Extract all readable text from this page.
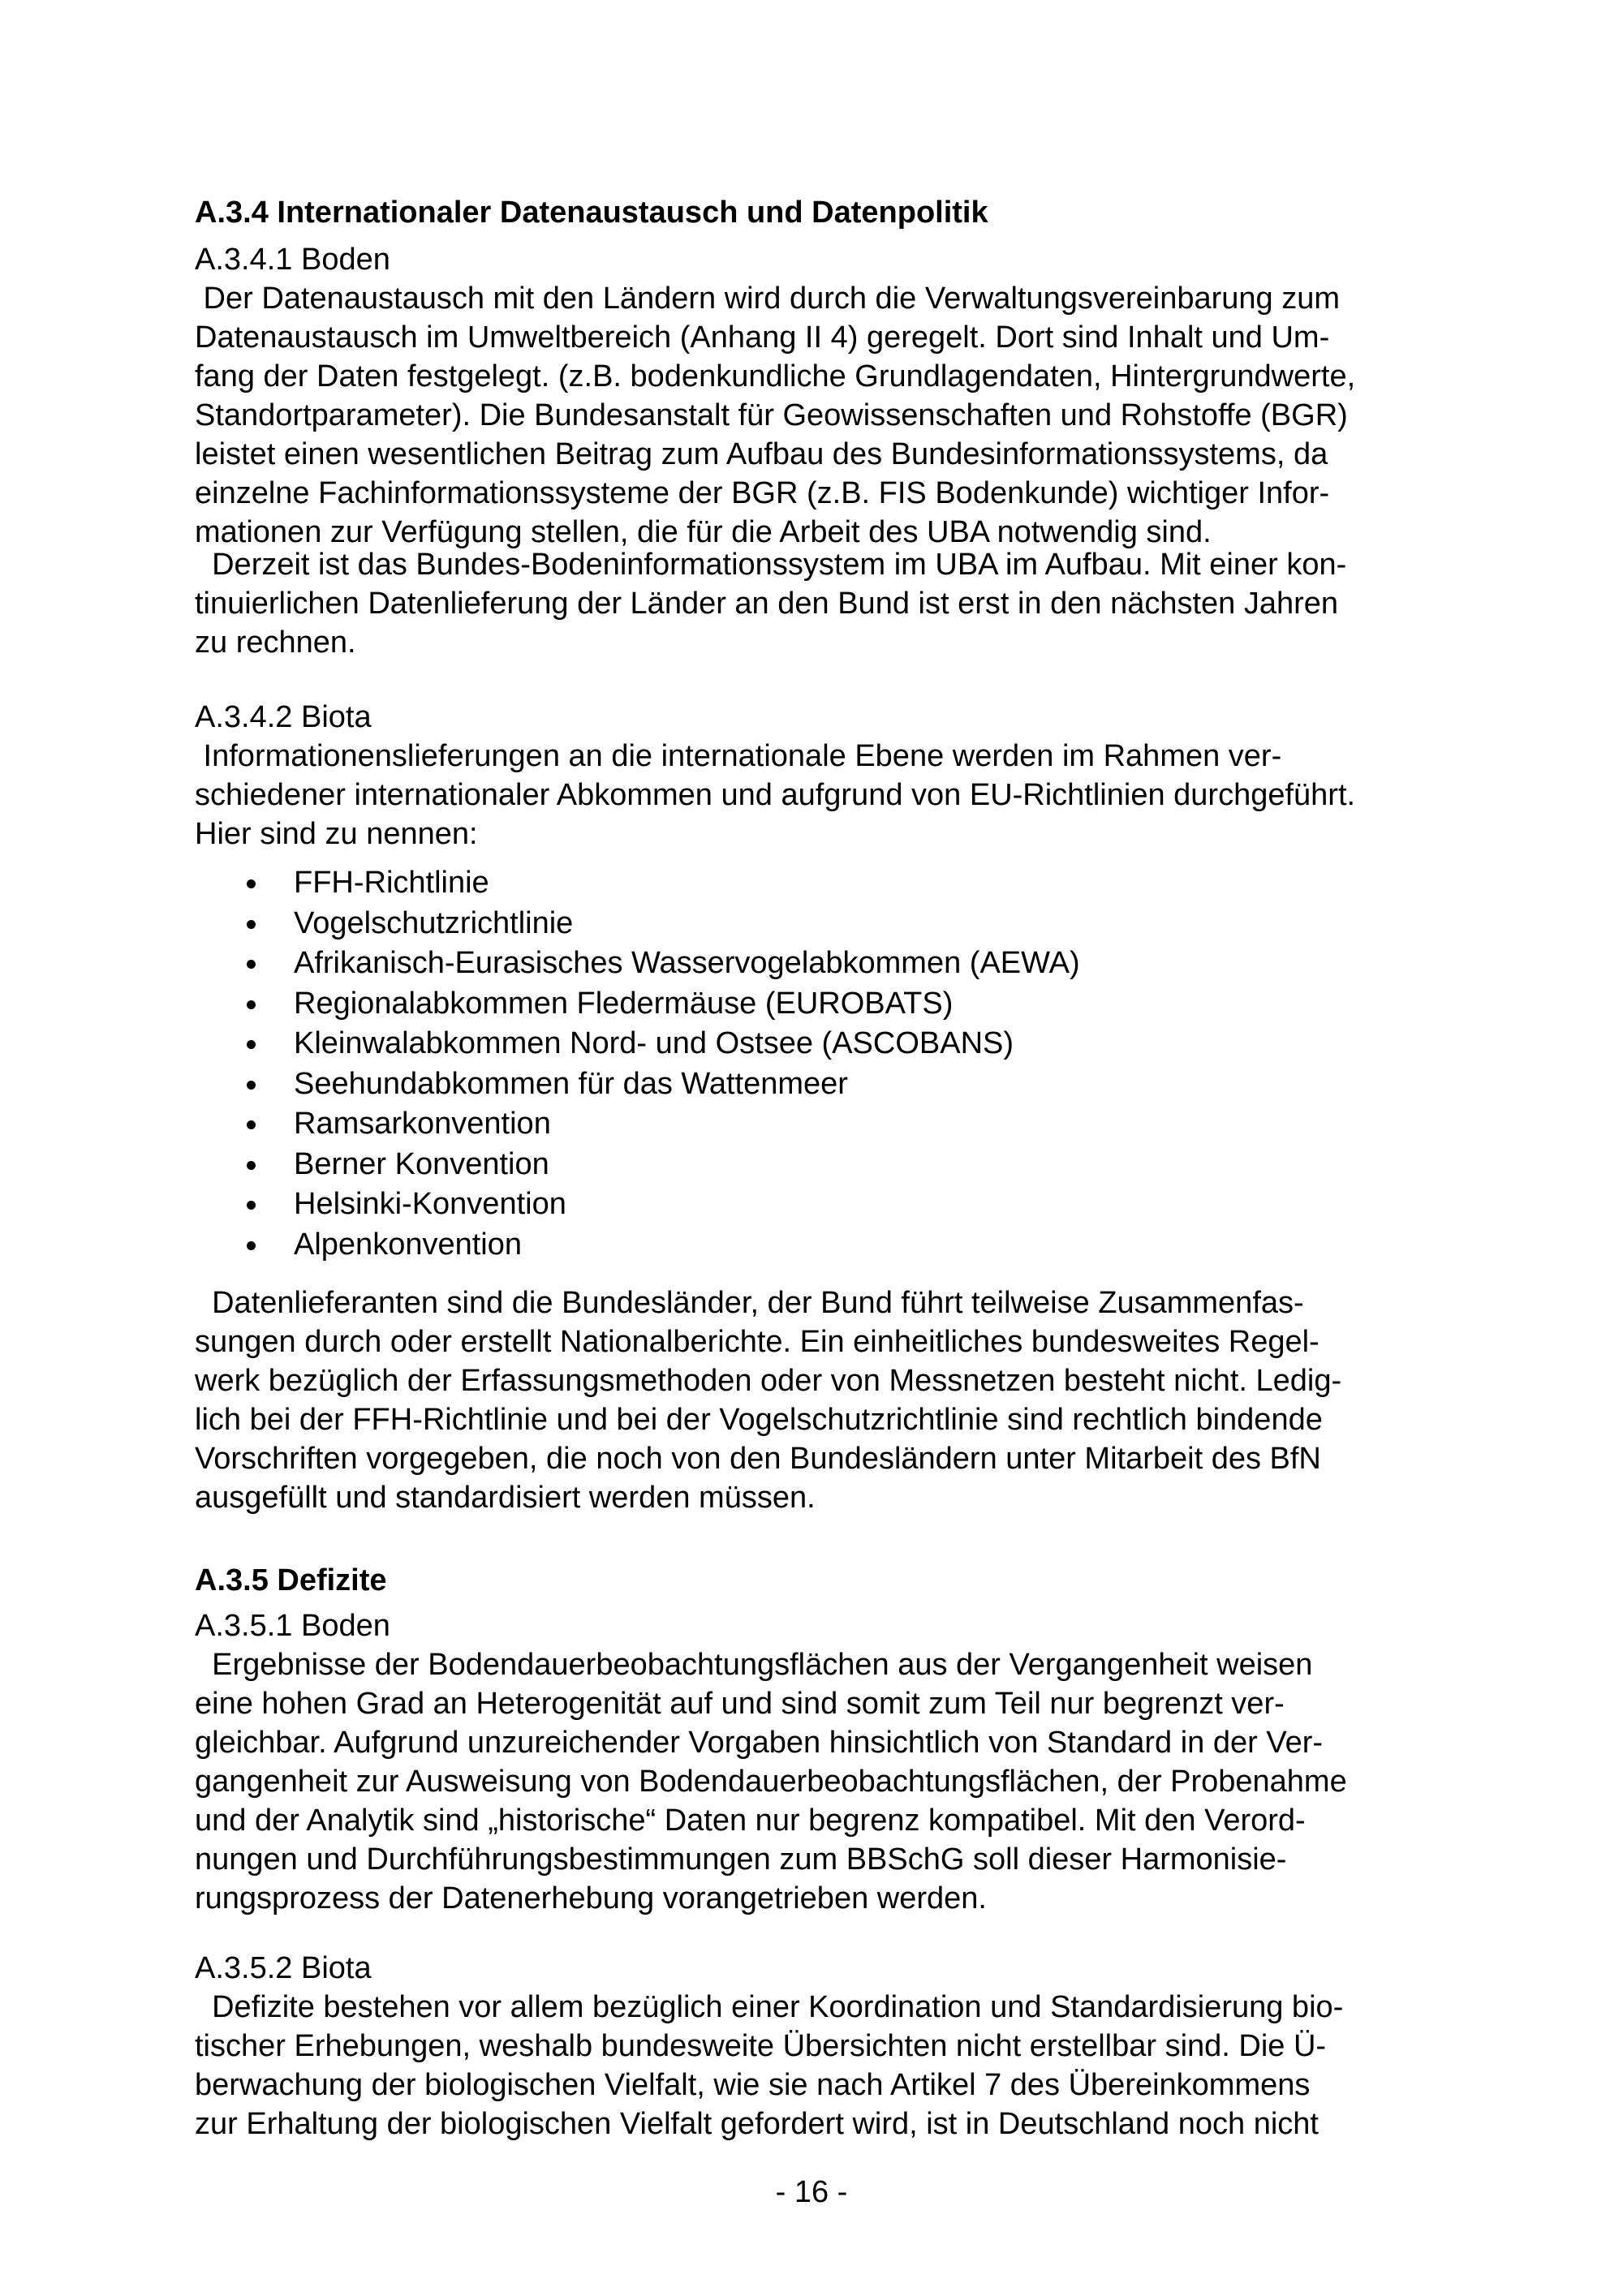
A.3.4 Internationaler Datenaustausch und Datenpolitik
A.3.4.1 Boden
Der Datenaustausch mit den Ländern wird durch die Verwaltungsvereinbarung zum
Datenaustausch im Umweltbereich (Anhang II 4) geregelt. Dort sind Inhalt und Um-
fang der Daten festgelegt. (z.B. bodenkundliche Grundlagendaten, Hintergrundwerte,
Standortparameter). Die Bundesanstalt für Geowissenschaften und Rohstoffe (BGR)
leistet einen wesentlichen Beitrag zum Aufbau des Bundesinformationssystems, da
einzelne Fachinformationssysteme der BGR (z.B. FIS Bodenkunde) wichtiger Infor-
mationen zur Verfügung stellen, die für die Arbeit des UBA notwendig sind.
Derzeit ist das Bundes-Bodeninformationssystem im UBA im Aufbau. Mit einer kon-
tinuierlichen Datenlieferung der Länder an den Bund ist erst in den nächsten Jahren
zu rechnen.
A.3.4.2 Biota
Informationenslieferungen an die internationale Ebene werden im Rahmen ver-
schiedener internationaler Abkommen und aufgrund von EU-Richtlinien durchgeführt.
Hier sind zu nennen:
FFH-Richtlinie
Vogelschutzrichtlinie
Afrikanisch-Eurasisches Wasservogelabkommen (AEWA)
Regionalabkommen Fledermäuse (EUROBATS)
Kleinwalabkommen Nord- und Ostsee (ASCOBANS)
Seehundabkommen für das Wattenmeer
Ramsarkonvention
Berner Konvention
Helsinki-Konvention
Alpenkonvention
Datenlieferanten sind die Bundesländer, der Bund führt teilweise Zusammenfas-
sungen durch oder erstellt Nationalberichte. Ein einheitliches bundesweites Regel-
werk bezüglich der Erfassungsmethoden oder von Messnetzen besteht nicht. Ledig-
lich bei der FFH-Richtlinie und bei der Vogelschutzrichtlinie sind rechtlich bindende
Vorschriften vorgegeben, die noch von den Bundesländern unter Mitarbeit des BfN
ausgefüllt und standardisiert werden müssen.
A.3.5 Defizite
A.3.5.1 Boden
Ergebnisse der Bodendauerbeobachtungsflächen aus der Vergangenheit weisen
eine hohen Grad an Heterogenität auf und sind somit zum Teil nur begrenzt ver-
gleichbar. Aufgrund unzureichender Vorgaben hinsichtlich von Standard in der Ver-
gangenheit zur Ausweisung von Bodendauerbeobachtungsflächen, der Probenahme
und der Analytik sind „historische“ Daten nur begrenz kompatibel. Mit den Verord-
nungen und Durchführungsbestimmungen zum BBSchG soll dieser Harmonisie-
rungsprozess der Datenerhebung vorangetrieben werden.
A.3.5.2 Biota
Defizite bestehen vor allem bezüglich einer Koordination und Standardisierung bio-
tischer Erhebungen, weshalb bundesweite Übersichten nicht erstellbar sind. Die Ü-
berwachung der biologischen Vielfalt, wie sie nach Artikel 7 des Übereinkommens
zur Erhaltung der biologischen Vielfalt gefordert wird, ist in Deutschland noch nicht
- 16 -
